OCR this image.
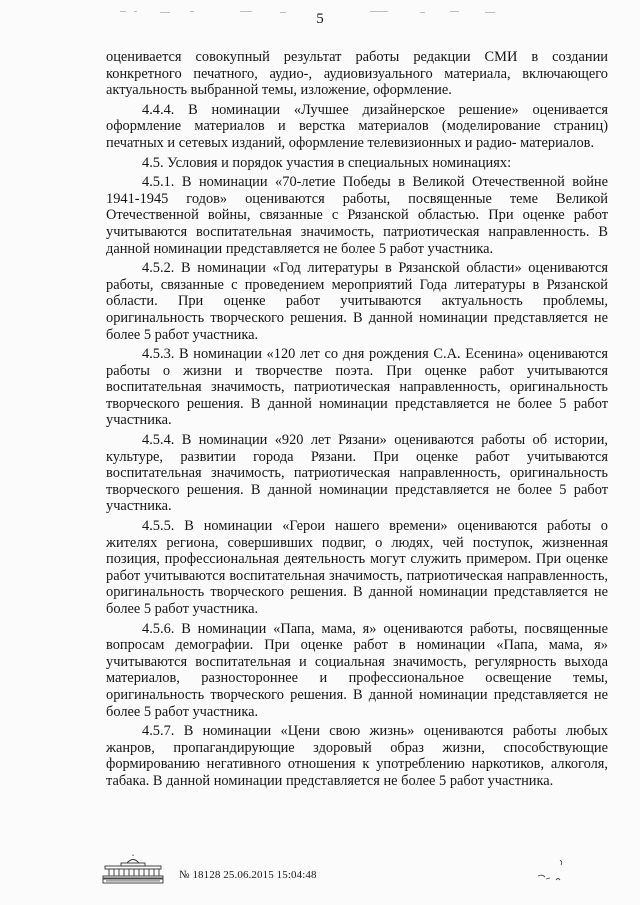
5

оценивается совокупный результат работы редакции СМИ в создании конкретного печатного, аудио-, аудиовизуального материала, включающего актуальность выбранной темы, изложение, оформление.

4.4.4. В номинации «Лучшее дизайнерское решение» оценивается оформление материалов и верстка материалов (моделирование страниц) печатных и сетевых изданий, оформление телевизионных и радио- материалов.

4.5. Условия и порядок участия в специальных номинациях:

4.5.1. В номинации «70-летие Победы в Великой Отечественной войне 1941-1945 годов» оцениваются работы, посвященные теме Великой Отечественной войны, связанные с Рязанской областью. При оценке работ учитываются воспитательная значимость, патриотическая направленность. В данной номинации представляется не более 5 работ участника.

4.5.2. В номинации «Год литературы в Рязанской области» оцениваются работы, связанные с проведением мероприятий Года литературы в Рязанской области. При оценке работ учитываются актуальность проблемы, оригинальность творческого решения. В данной номинации представляется не более 5 работ участника.

4.5.3. В номинации «120 лет со дня рождения С.А. Есенина» оцениваются работы о жизни и творчестве поэта. При оценке работ учитываются воспитательная значимость, патриотическая направленность, оригинальность творческого решения. В данной номинации представляется не более 5 работ участника.

4.5.4. В номинации «920 лет Рязани» оцениваются работы об истории, культуре, развитии города Рязани. При оценке работ учитываются воспитательная значимость, патриотическая направленность, оригинальность творческого решения. В данной номинации представляется не более 5 работ участника.

4.5.5. В номинации «Герои нашего времени» оцениваются работы о жителях региона, совершивших подвиг, о людях, чей поступок, жизненная позиция, профессиональная деятельность могут служить примером. При оценке работ учитываются воспитательная значимость, патриотическая направленность, оригинальность творческого решения. В данной номинации представляется не более 5 работ участника.

4.5.6. В номинации «Папа, мама, я» оцениваются работы, посвященные вопросам демографии. При оценке работ в номинации «Папа, мама, я» учитываются воспитательная и социальная значимость, регулярность выхода материалов, разностороннее и профессиональное освещение темы, оригинальность творческого решения. В данной номинации представляется не более 5 работ участника.

4.5.7. В номинации «Цени свою жизнь» оцениваются работы любых жанров, пропагандирующие здоровый образ жизни, способствующие формированию негативного отношения к употреблению наркотиков, алкоголя, табака. В данной номинации представляется не более 5 работ участника.

№ 18128 25.06.2015 15:04:48
